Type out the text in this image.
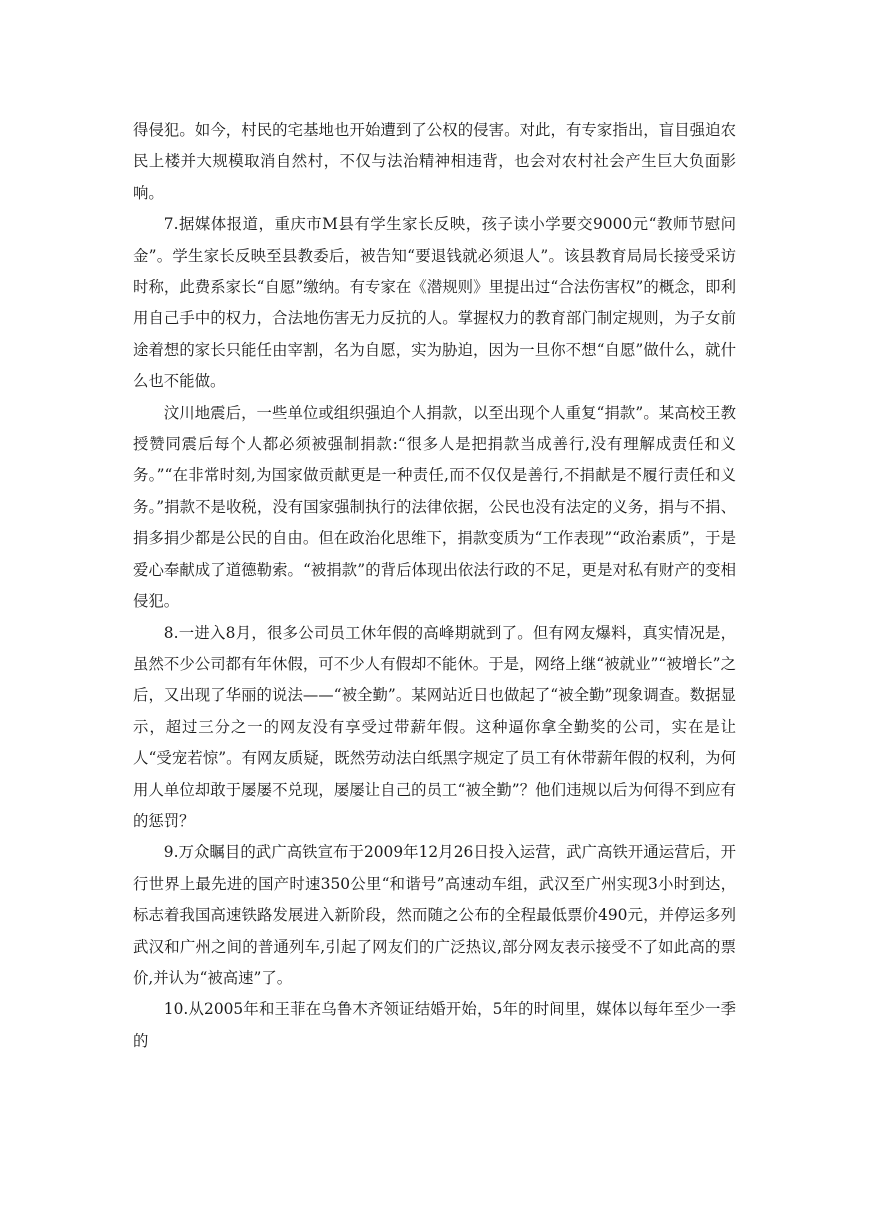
得侵犯。如今，村民的宅基地也开始遭到了公权的侵害。对此，有专家指出，盲目强迫农民上楼并大规模取消自然村，不仅与法治精神相违背，也会对农村社会产生巨大负面影响。

7.据媒体报道，重庆市M县有学生家长反映，孩子读小学要交9000元“教师节慰问金”。学生家长反映至县教委后，被告知“要退钱就必须退人”。该县教育局局长接受采访时称，此费系家长“自愿”缴纳。有专家在《潜规则》里提出过“合法伤害权”的概念，即利用自己手中的权力，合法地伤害无力反抗的人。掌握权力的教育部门制定规则，为子女前途着想的家长只能任由宰割，名为自愿，实为胁迫，因为一旦你不想“自愿”做什么，就什么也不能做。

汶川地震后，一些单位或组织强迫个人捐款，以至出现个人重复“捐款”。某高校王教授赞同震后每个人都必须被强制捐款:“很多人是把捐款当成善行,没有理解成责任和义务。”“在非常时刻,为国家做贡献更是一种责任,而不仅仅是善行,不捐献是不履行责任和义务。”捐款不是收税，没有国家强制执行的法律依据，公民也没有法定的义务，捐与不捐、捐多捐少都是公民的自由。但在政治化思维下，捐款变质为“工作表现”“政治素质”，于是爱心奉献成了道德勒索。“被捐款”的背后体现出依法行政的不足，更是对私有财产的变相侵犯。

8.一进入8月，很多公司员工休年假的高峰期就到了。但有网友爆料，真实情况是，虽然不少公司都有年休假，可不少人有假却不能休。于是，网络上继“被就业”“被增长”之后，又出现了华丽的说法——“被全勤”。某网站近日也做起了“被全勤”现象调查。数据显示，超过三分之一的网友没有享受过带薪年假。这种逼你拿全勤奖的公司，实在是让人“受宠若惊”。有网友质疑，既然劳动法白纸黑字规定了员工有休带薪年假的权利，为何用人单位却敢于屡屡不兑现，屡屡让自己的员工“被全勤”？他们违规以后为何得不到应有的惩罚？

9.万众瞩目的武广高铁宣布于2009年12月26日投入运营，武广高铁开通运营后，开行世界上最先进的国产时速350公里“和谐号”高速动车组，武汉至广州实现3小时到达，标志着我国高速铁路发展进入新阶段，然而随之公布的全程最低票价490元，并停运多列武汉和广州之间的普通列车,引起了网友们的广泛热议,部分网友表示接受不了如此高的票价,并认为“被高速”了。

10.从2005年和王菲在乌鲁木齐领证结婚开始，5年的时间里，媒体以每年至少一季的
